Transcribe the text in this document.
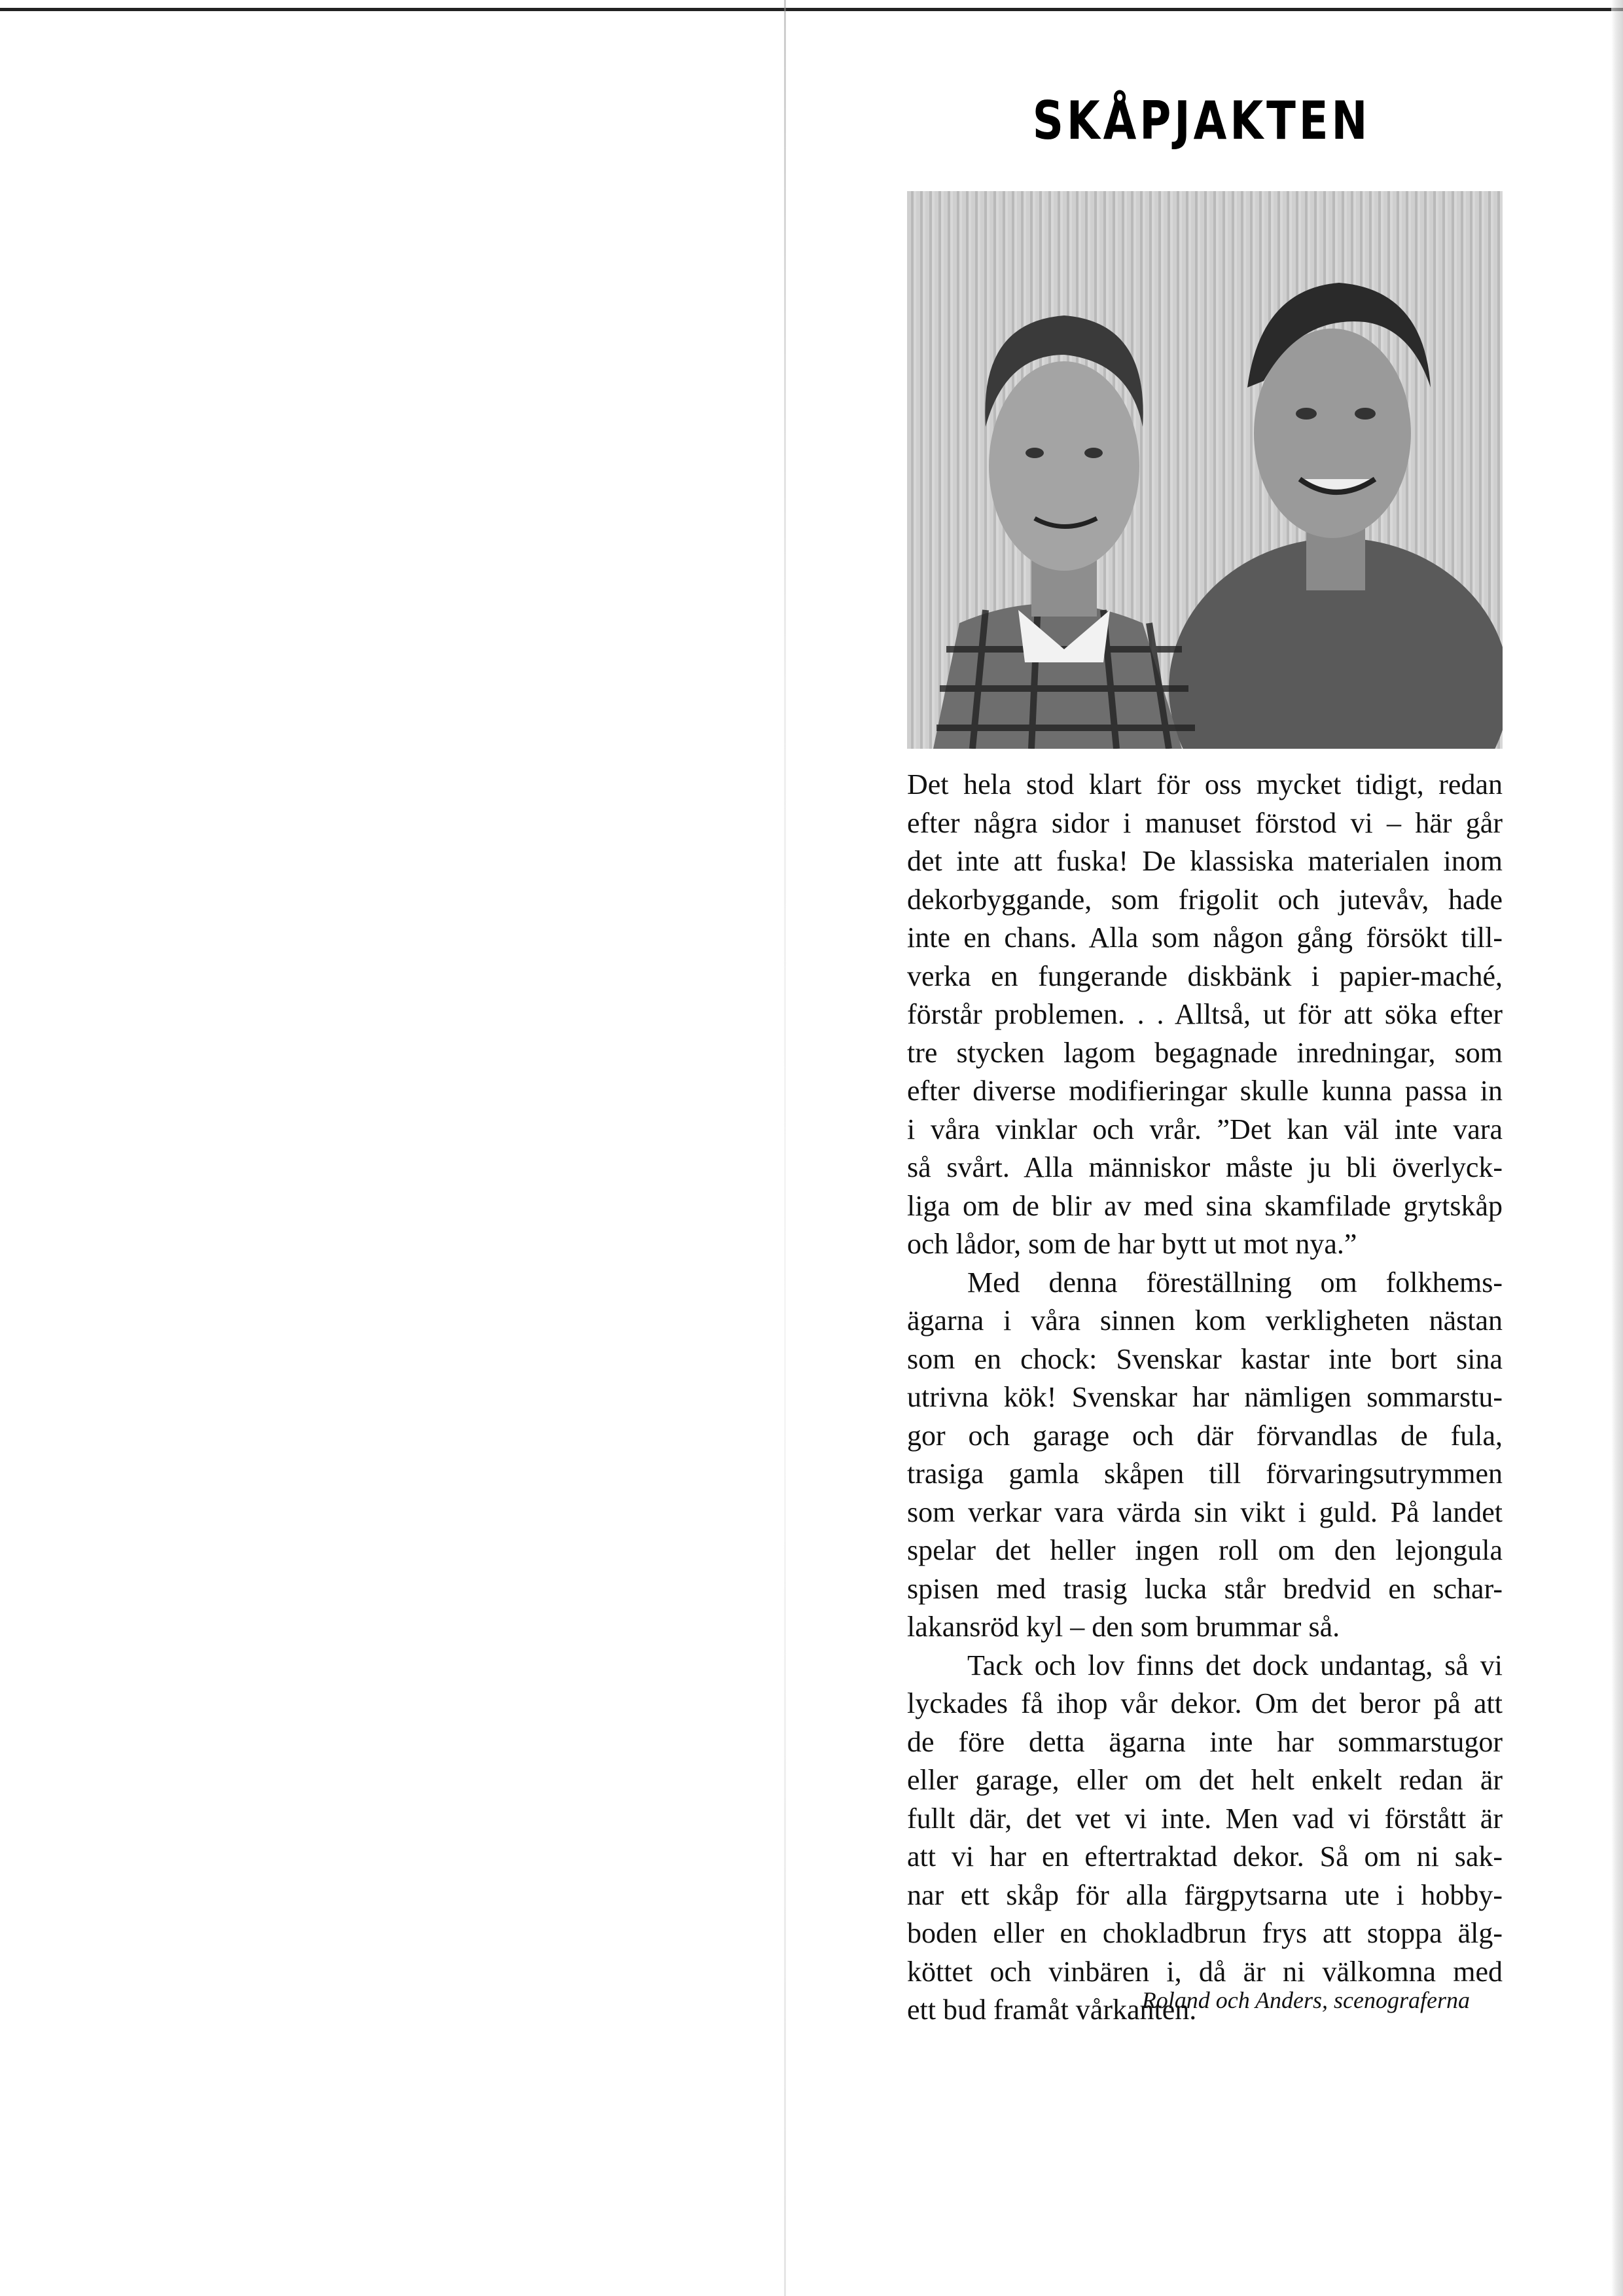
SKÅPJAKTEN
Det hela stod klart för oss mycket tidigt, redan
efter några sidor i manuset förstod vi – här går
det inte att fuska! De klassiska materialen inom
dekorbyggande, som frigolit och jutevåv, hade
inte en chans. Alla som någon gång försökt till-
verka en fungerande diskbänk i papier-maché,
förstår problemen. . . Alltså, ut för att söka efter
tre stycken lagom begagnade inredningar, som
efter diverse modifieringar skulle kunna passa in
i våra vinklar och vrår. ”Det kan väl inte vara
så svårt. Alla människor måste ju bli överlyck-
liga om de blir av med sina skamfilade grytskåp
och lådor, som de har bytt ut mot nya.”
Med denna föreställning om folkhems-
ägarna i våra sinnen kom verkligheten nästan
som en chock: Svenskar kastar inte bort sina
utrivna kök! Svenskar har nämligen sommarstu-
gor och garage och där förvandlas de fula,
trasiga gamla skåpen till förvaringsutrymmen
som verkar vara värda sin vikt i guld. På landet
spelar det heller ingen roll om den lejongula
spisen med trasig lucka står bredvid en schar-
lakansröd kyl – den som brummar så.
Tack och lov finns det dock undantag, så vi
lyckades få ihop vår dekor. Om det beror på att
de före detta ägarna inte har sommarstugor
eller garage, eller om det helt enkelt redan är
fullt där, det vet vi inte. Men vad vi förstått är
att vi har en eftertraktad dekor. Så om ni sak-
nar ett skåp för alla färgpytsarna ute i hobby-
boden eller en chokladbrun frys att stoppa älg-
köttet och vinbären i, då är ni välkomna med
ett bud framåt vårkanten.
Roland och Anders, scenograferna
